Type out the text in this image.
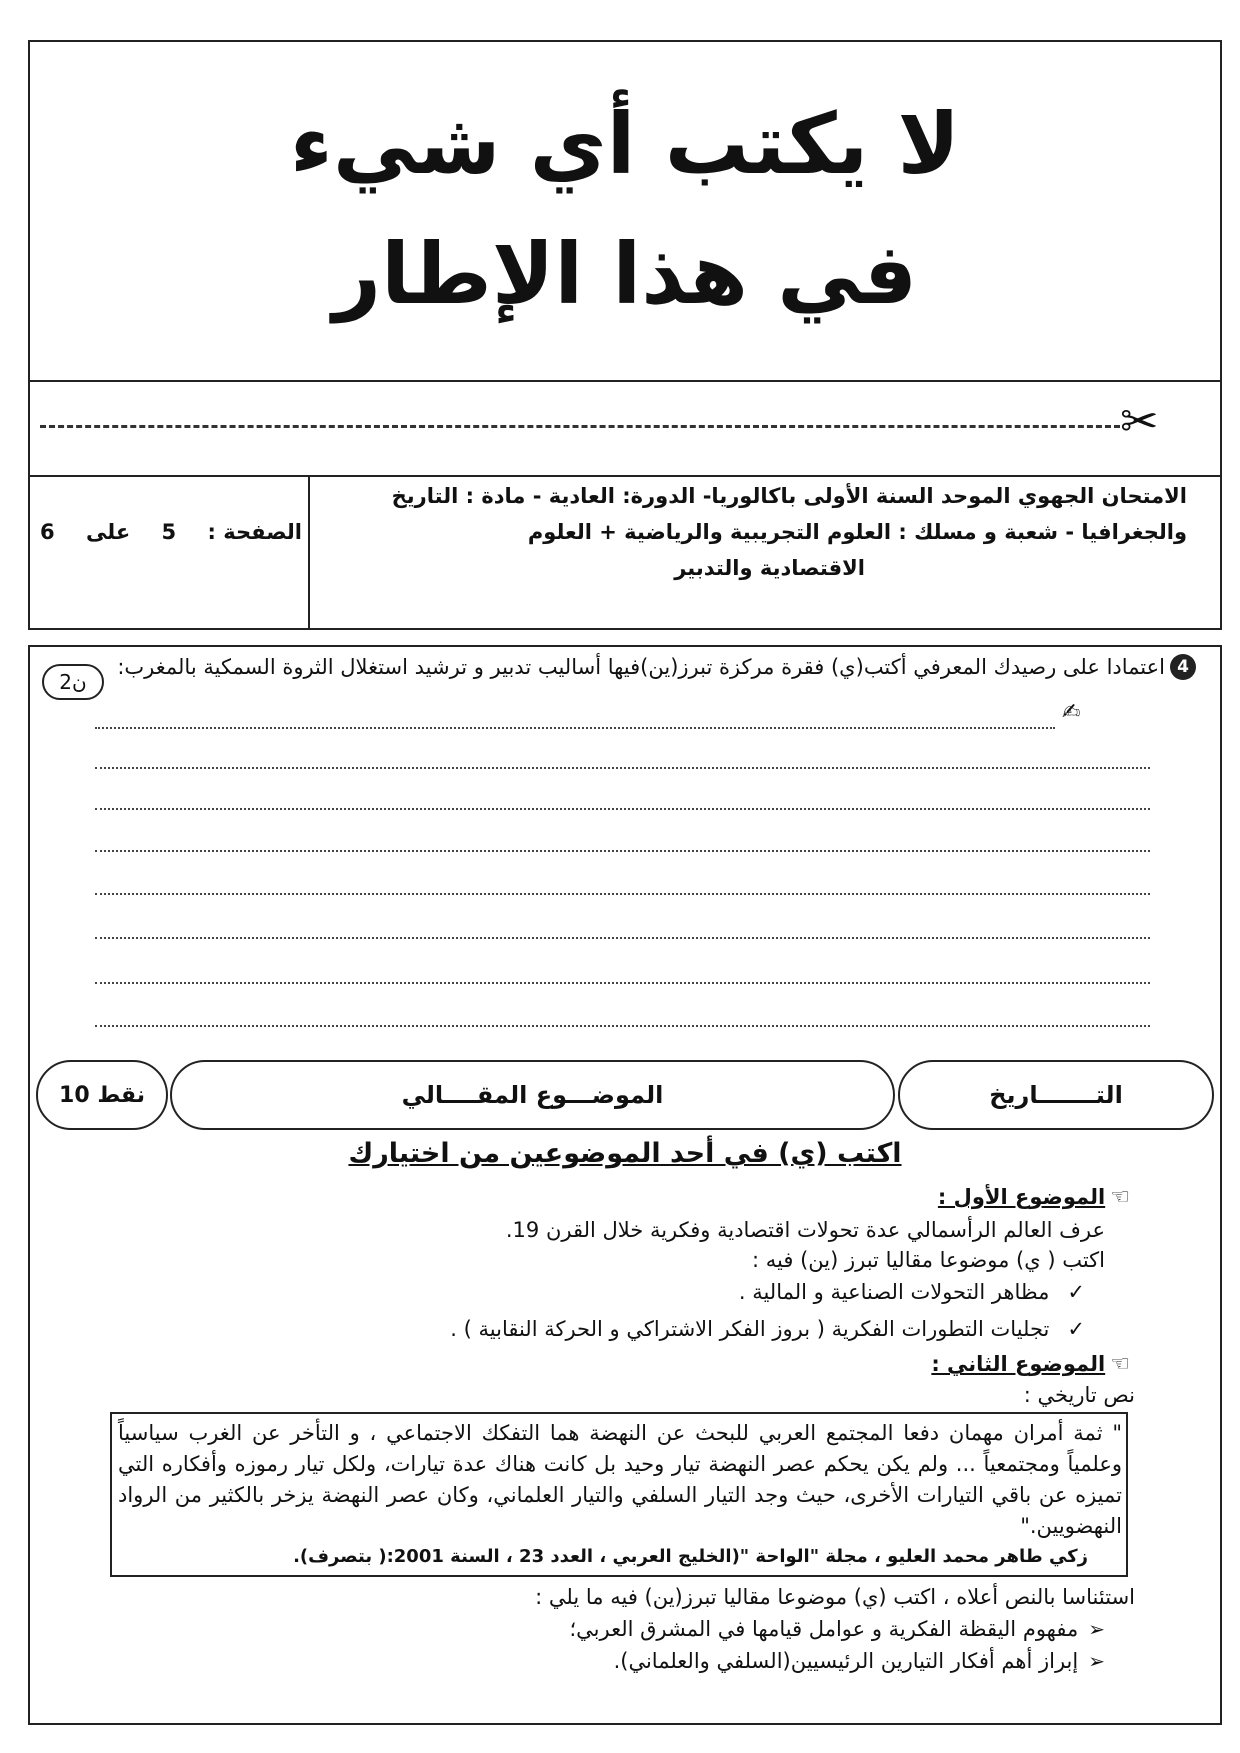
لا يكتب أي شيء
في هذا الإطار
✂
الامتحان الجهوي الموحد السنة الأولى باكالوريا- الدورة: العادية - مادة : التاريخ
والجغرافيا - شعبة و مسلك : العلوم التجريبية والرياضية + العلوم
الاقتصادية والتدبير
الصفحة :
5
على
6
4
اعتمادا على رصيدك المعرفي أكتب(ي) فقرة مركزة تبرز(ين)فيها أساليب تدبير و ترشيد استغلال الثروة السمكية بالمغرب:
2ن
✍
التـــــــاريخ
الموضـــوع المقــــالي
10 نقط
اكتب (ي) في أحد الموضوعين من اختيارك
☜ الموضوع الأول :
عرف العالم الرأسمالي عدة تحولات اقتصادية وفكرية خلال القرن 19.
اكتب ( ي) موضوعا مقاليا تبرز (ين) فيه :
✓مظاهر التحولات الصناعية و المالية .
✓تجليات التطورات الفكرية ( بروز الفكر الاشتراكي و الحركة النقابية ) .
☜ الموضوع الثاني :
نص تاريخي :
" ثمة أمران مهمان دفعا المجتمع العربي للبحث عن النهضة هما التفكك الاجتماعي ، و التأخر عن الغرب سياسياً وعلمياً ومجتمعياً ... ولم يكن يحكم عصر النهضة تيار وحيد بل كانت هناك عدة تيارات، ولكل تيار رموزه وأفكاره التي تميزه عن باقي التيارات الأخرى، حيث وجد التيار السلفي والتيار العلماني، وكان عصر النهضة يزخر بالكثير من الرواد النهضويين."
زكي طاهر محمد العليو ، مجلة "الواحة "(الخليج العربي ، العدد 23 ، السنة 2001:( بتصرف).
استئناسا بالنص أعلاه ، اكتب (ي) موضوعا مقاليا تبرز(ين) فيه ما يلي :
➢مفهوم اليقظة الفكرية و عوامل قيامها في المشرق العربي؛
➢إبراز أهم أفكار التيارين الرئيسيين(السلفي والعلماني).
